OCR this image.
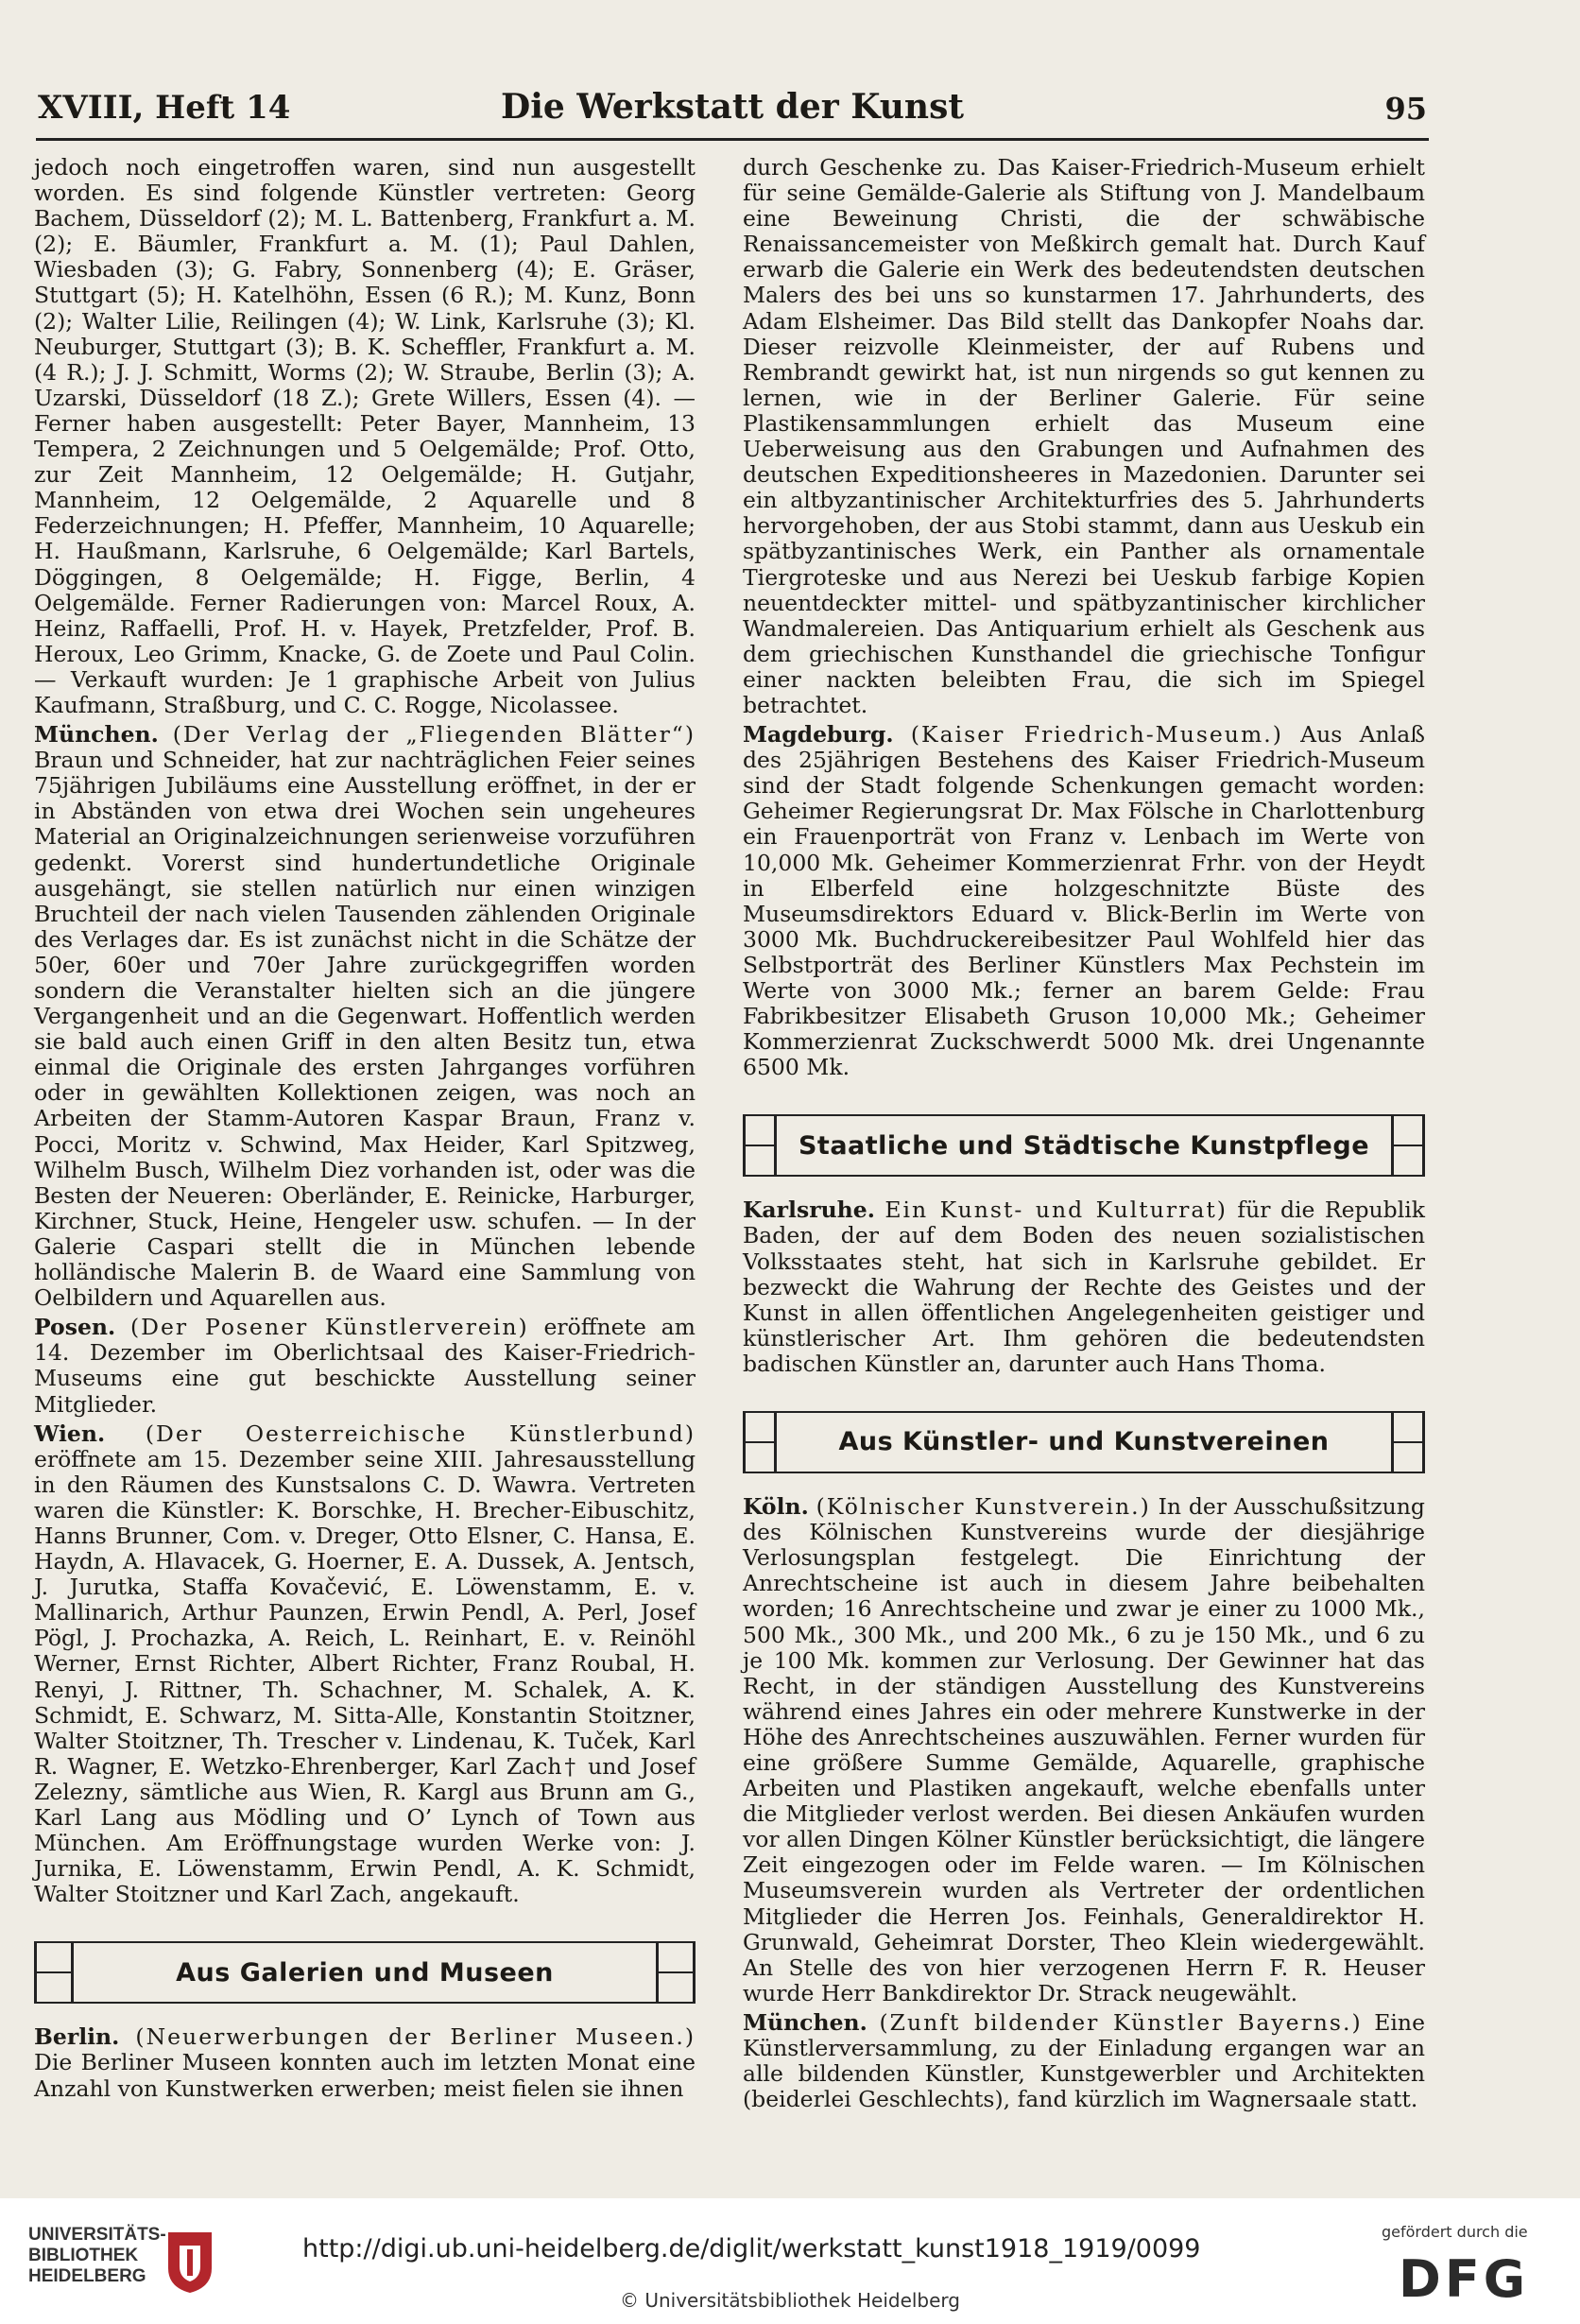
XVIII, Heft 14	Die Werkstatt der Kunst	95

jedoch noch eingetroffen waren, sind nun ausgestellt worden. Es sind folgende Künstler vertreten: Georg Bachem, Düsseldorf (2); M. L. Battenberg, Frankfurt a. M. (2); E. Bäumler, Frankfurt a. M. (1); Paul Dahlen, Wiesbaden (3); G. Fabry, Sonnenberg (4); E. Gräser, Stuttgart (5); H. Katelhöhn, Essen (6 R.); M. Kunz, Bonn (2); Walter Lilie, Reilingen (4); W. Link, Karlsruhe (3); Kl. Neuburger, Stuttgart (3); B. K. Scheffler, Frankfurt a. M. (4 R.); J. J. Schmitt, Worms (2); W. Straube, Berlin (3); A. Uzarski, Düsseldorf (18 Z.); Grete Willers, Essen (4). — Ferner haben ausgestellt: Peter Bayer, Mannheim, 13 Tempera, 2 Zeichnungen und 5 Oelgemälde; Prof. Otto, zur Zeit Mannheim, 12 Oelgemälde; H. Gutjahr, Mannheim, 12 Oelgemälde, 2 Aquarelle und 8 Federzeichnungen; H. Pfeffer, Mannheim, 10 Aquarelle; H. Haußmann, Karlsruhe, 6 Oelgemälde; Karl Bartels, Döggingen, 8 Oelgemälde; H. Figge, Berlin, 4 Oelgemälde. Ferner Radierungen von: Marcel Roux, A. Heinz, Raffaelli, Prof. H. v. Hayek, Pretzfelder, Prof. B. Heroux, Leo Grimm, Knacke, G. de Zoete und Paul Colin. — Verkauft wurden: Je 1 graphische Arbeit von Julius Kaufmann, Straßburg, und C. C. Rogge, Nicolassee.

München. (Der Verlag der „Fliegenden Blätter“) Braun und Schneider, hat zur nachträglichen Feier seines 75jährigen Jubiläums eine Ausstellung eröffnet, in der er in Abständen von etwa drei Wochen sein ungeheures Material an Originalzeichnungen serienweise vorzuführen gedenkt. Vorerst sind hundertundetliche Originale ausgehängt, sie stellen natürlich nur einen winzigen Bruchteil der nach vielen Tausenden zählenden Originale des Verlages dar. Es ist zunächst nicht in die Schätze der 50er, 60er und 70er Jahre zurückgegriffen worden sondern die Veranstalter hielten sich an die jüngere Vergangenheit und an die Gegenwart. Hoffentlich werden sie bald auch einen Griff in den alten Besitz tun, etwa einmal die Originale des ersten Jahrganges vorführen oder in gewählten Kollektionen zeigen, was noch an Arbeiten der Stamm-Autoren Kaspar Braun, Franz v. Pocci, Moritz v. Schwind, Max Heider, Karl Spitzweg, Wilhelm Busch, Wilhelm Diez vorhanden ist, oder was die Besten der Neueren: Oberländer, E. Reinicke, Harburger, Kirchner, Stuck, Heine, Hengeler usw. schufen. — In der Galerie Caspari stellt die in München lebende holländische Malerin B. de Waard eine Sammlung von Oelbildern und Aquarellen aus.

Posen. (Der Posener Künstlerverein) eröffnete am 14. Dezember im Oberlichtsaal des Kaiser-Friedrich-Museums eine gut beschickte Ausstellung seiner Mitglieder.

Wien. (Der Oesterreichische Künstlerbund) eröffnete am 15. Dezember seine XIII. Jahresausstellung in den Räumen des Kunstsalons C. D. Wawra. Vertreten waren die Künstler: K. Borschke, H. Brecher-Eibuschitz, Hanns Brunner, Com. v. Dreger, Otto Elsner, C. Hansa, E. Haydn, A. Hlavacek, G. Hoerner, E. A. Dussek, A. Jentsch, J. Jurutka, Staffa Kovačević, E. Löwenstamm, E. v. Mallinarich, Arthur Paunzen, Erwin Pendl, A. Perl, Josef Pögl, J. Prochazka, A. Reich, L. Reinhart, E. v. Reinöhl Werner, Ernst Richter, Albert Richter, Franz Roubal, H. Renyi, J. Rittner, Th. Schachner, M. Schalek, A. K. Schmidt, E. Schwarz, M. Sitta-Alle, Konstantin Stoitzner, Walter Stoitzner, Th. Trescher v. Lindenau, K. Tuček, Karl R. Wagner, E. Wetzko-Ehrenberger, Karl Zach† und Josef Zeleznу, sämtliche aus Wien, R. Kargl aus Brunn am G., Karl Lang aus Mödling und O’ Lynch of Town aus München. Am Eröffnungstage wurden Werke von: J. Jurnika, E. Löwenstamm, Erwin Pendl, A. K. Schmidt, Walter Stoitzner und Karl Zach, angekauft.

Aus Galerien und Museen

Berlin. (Neuerwerbungen der Berliner Museen.) Die Berliner Museen konnten auch im letzten Monat eine Anzahl von Kunstwerken erwerben; meist fielen sie ihnen

durch Geschenke zu. Das Kaiser-Friedrich-Museum erhielt für seine Gemälde-Galerie als Stiftung von J. Mandelbaum eine Beweinung Christi, die der schwäbische Renaissancemeister von Meßkirch gemalt hat. Durch Kauf erwarb die Galerie ein Werk des bedeutendsten deutschen Malers des bei uns so kunstarmen 17. Jahrhunderts, des Adam Elsheimer. Das Bild stellt das Dankopfer Noahs dar. Dieser reizvolle Kleinmeister, der auf Rubens und Rembrandt gewirkt hat, ist nun nirgends so gut kennen zu lernen, wie in der Berliner Galerie. Für seine Plastikensammlungen erhielt das Museum eine Ueberweisung aus den Grabungen und Aufnahmen des deutschen Expeditionsheeres in Mazedonien. Darunter sei ein altbyzantinischer Architekturfries des 5. Jahrhunderts hervorgehoben, der aus Stobi stammt, dann aus Ueskub ein spätbyzantinisches Werk, ein Panther als ornamentale Tiergroteske und aus Nerezi bei Ueskub farbige Kopien neuentdeckter mittel- und spätbyzantinischer kirchlicher Wandmalereien. Das Antiquarium erhielt als Geschenk aus dem griechischen Kunsthandel die griechische Tonfigur einer nackten beleibten Frau, die sich im Spiegel betrachtet.

Magdeburg. (Kaiser Friedrich-Museum.) Aus Anlaß des 25jährigen Bestehens des Kaiser Friedrich-Museum sind der Stadt folgende Schenkungen gemacht worden: Geheimer Regierungsrat Dr. Max Fölsche in Charlottenburg ein Frauenporträt von Franz v. Lenbach im Werte von 10,000 Mk. Geheimer Kommerzienrat Frhr. von der Heydt in Elberfeld eine holzgeschnitzte Büste des Museumsdirektors Eduard v. Blick-Berlin im Werte von 3000 Mk. Buchdruckereibesitzer Paul Wohlfeld hier das Selbstporträt des Berliner Künstlers Max Pechstein im Werte von 3000 Mk.; ferner an barem Gelde: Frau Fabrikbesitzer Elisabeth Gruson 10,000 Mk.; Geheimer Kommerzienrat Zuckschwerdt 5000 Mk. drei Ungenannte 6500 Mk.

Staatliche und Städtische Kunstpflege

Karlsruhe. Ein Kunst- und Kulturrat) für die Republik Baden, der auf dem Boden des neuen sozialistischen Volksstaates steht, hat sich in Karlsruhe gebildet. Er bezweckt die Wahrung der Rechte des Geistes und der Kunst in allen öffentlichen Angelegenheiten geistiger und künstlerischer Art. Ihm gehören die bedeutendsten badischen Künstler an, darunter auch Hans Thoma.

Aus Künstler- und Kunstvereinen

Köln. (Kölnischer Kunstverein.) In der Ausschußsitzung des Kölnischen Kunstvereins wurde der diesjährige Verlosungsplan festgelegt. Die Einrichtung der Anrechtscheine ist auch in diesem Jahre beibehalten worden; 16 Anrechtscheine und zwar je einer zu 1000 Mk., 500 Mk., 300 Mk., und 200 Mk., 6 zu je 150 Mk., und 6 zu je 100 Mk. kommen zur Verlosung. Der Gewinner hat das Recht, in der ständigen Ausstellung des Kunstvereins während eines Jahres ein oder mehrere Kunstwerke in der Höhe des Anrechtscheines auszuwählen. Ferner wurden für eine größere Summe Gemälde, Aquarelle, graphische Arbeiten und Plastiken angekauft, welche ebenfalls unter die Mitglieder verlost werden. Bei diesen Ankäufen wurden vor allen Dingen Kölner Künstler berücksichtigt, die längere Zeit eingezogen oder im Felde waren. — Im Kölnischen Museumsverein wurden als Vertreter der ordentlichen Mitglieder die Herren Jos. Feinhals, Generaldirektor H. Grunwald, Geheimrat Dorster, Theo Klein wiedergewählt. An Stelle des von hier verzogenen Herrn F. R. Heuser wurde Herr Bankdirektor Dr. Strack neugewählt.

München. (Zunft bildender Künstler Bayerns.) Eine Künstlerversammlung, zu der Einladung ergangen war an alle bildenden Künstler, Kunstgewerbler und Architekten (beiderlei Geschlechts), fand kürzlich im Wagnersaale statt.

UNIVERSITÄTS-
BIBLIOTHEK
HEIDELBERG
http://digi.ub.uni-heidelberg.de/diglit/werkstatt_kunst1918_1919/0099
© Universitätsbibliothek Heidelberg
gefördert durch die
DFG
